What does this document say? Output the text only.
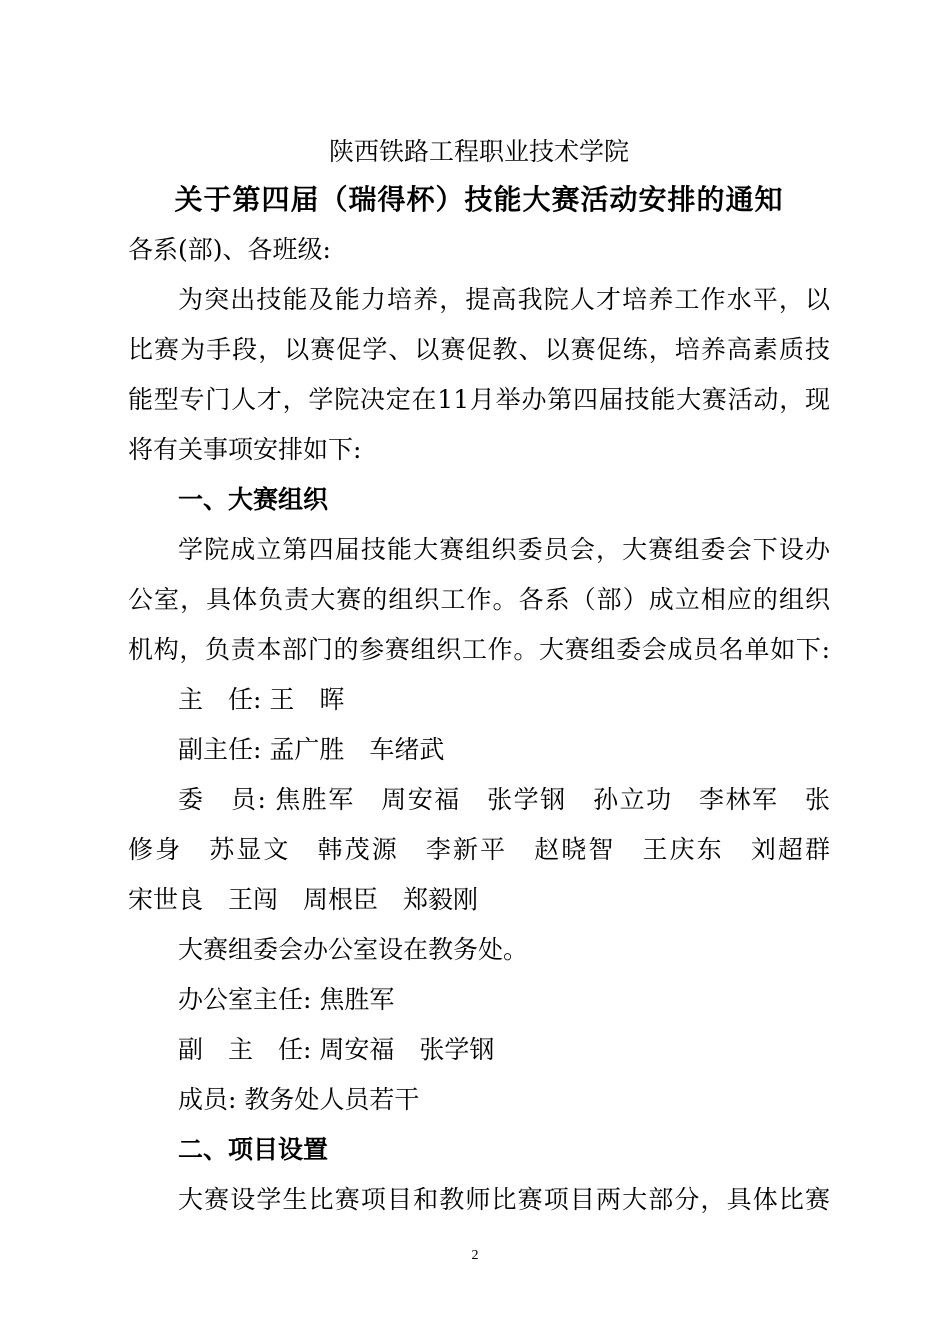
陕西铁路工程职业技术学院
关于第四届（瑞得杯）技能大赛活动安排的通知
各系(部)、各班级:
为突出技能及能力培养，提高我院人才培养工作水平，以
比赛为手段，以赛促学、以赛促教、以赛促练，培养高素质技
能型专门人才，学院决定在11月举办第四届技能大赛活动，现
将有关事项安排如下:
一、大赛组织
学院成立第四届技能大赛组织委员会，大赛组委会下设办
公室，具体负责大赛的组织工作。各系（部）成立相应的组织
机构，负责本部门的参赛组织工作。大赛组委会成员名单如下:
主　任: 王　晖
副主任: 孟广胜　车绪武
委　员: 焦胜军　周安福　张学钢　孙立功　李林军　张
修身　苏显文　韩茂源　李新平　赵晓智　王庆东　刘超群
宋世良　王闯　周根臣　郑毅刚
大赛组委会办公室设在教务处。
办公室主任: 焦胜军
副　主　任: 周安福　张学钢
成员: 教务处人员若干
二、项目设置
大赛设学生比赛项目和教师比赛项目两大部分，具体比赛
2
